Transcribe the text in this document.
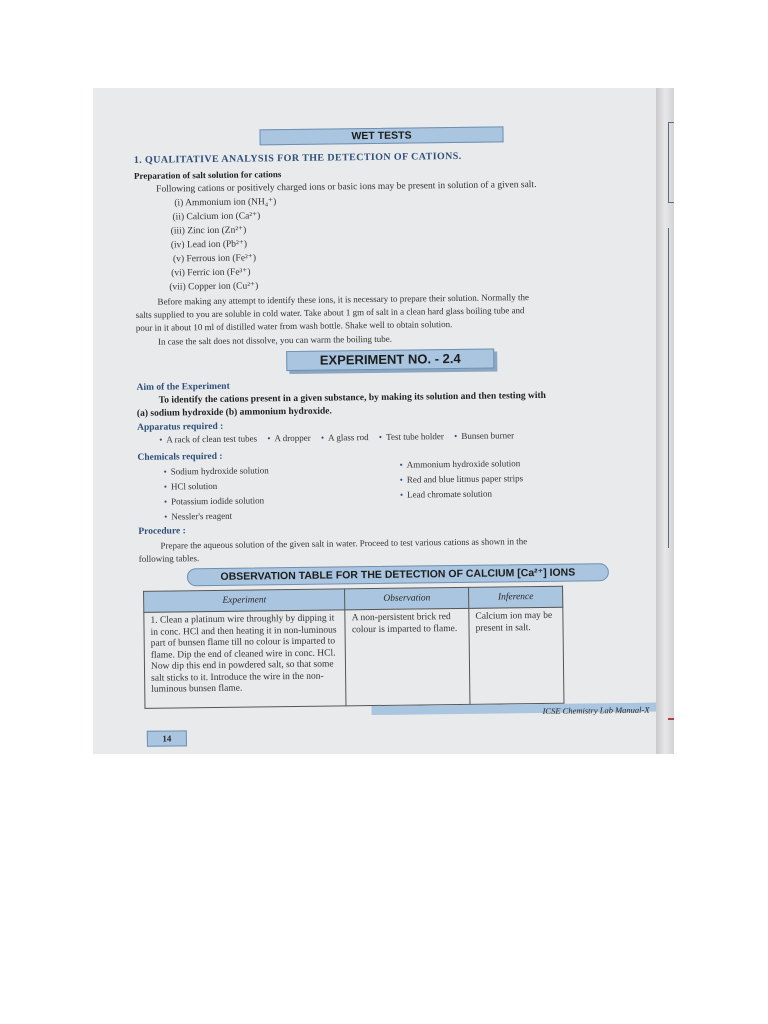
WET TESTS
1. QUALITATIVE ANALYSIS FOR THE DETECTION OF CATIONS.
Preparation of salt solution for cations
Following cations or positively charged ions or basic ions may be present in solution of a given salt.
(i) Ammonium ion (NH₄⁺)
(ii) Calcium ion (Ca²⁺)
(iii) Zinc ion (Zn²⁺)
(iv) Lead ion (Pb²⁺)
(v) Ferrous ion (Fe²⁺)
(vi) Ferric ion (Fe³⁺)
(vii) Copper ion (Cu²⁺)
Before making any attempt to identify these ions, it is necessary to prepare their solution. Normally the
salts supplied to you are soluble in cold water. Take about 1 gm of salt in a clean hard glass boiling tube and
pour in it about 10 ml of distilled water from wash bottle. Shake well to obtain solution.
In case the salt does not dissolve, you can warm the boiling tube.
EXPERIMENT NO. - 2.4
Aim of the Experiment
To identify the cations present in a given substance, by making its solution and then testing with
(a) sodium hydroxide (b) ammonium hydroxide.
Apparatus required :
• A rack of clean test tubes • A dropper • A glass rod • Test tube holder • Bunsen burner
Chemicals required :
• Sodium hydroxide solution
• HCl solution
• Potassium iodide solution
• Nessler's reagent
• Ammonium hydroxide solution
• Red and blue litmus paper strips
• Lead chromate solution
Procedure :
Prepare the aqueous solution of the given salt in water. Proceed to test various cations as shown in the
following tables.
OBSERVATION TABLE FOR THE DETECTION OF CALCIUM [Ca²⁺] IONS
Experiment	Observation	Inference
1. Clean a platinum wire throughly by dipping it in conc. HCl and then heating it in non-luminous part of bunsen flame till no colour is imparted to flame. Dip the end of cleaned wire in conc. HCl. Now dip this end in powdered salt, so that some salt sticks to it. Introduce the wire in the non-luminous bunsen flame.	A non-persistent brick red colour is imparted to flame.	Calcium ion may be present in salt.
ICSE Chemistry Lab Manual-X
14
